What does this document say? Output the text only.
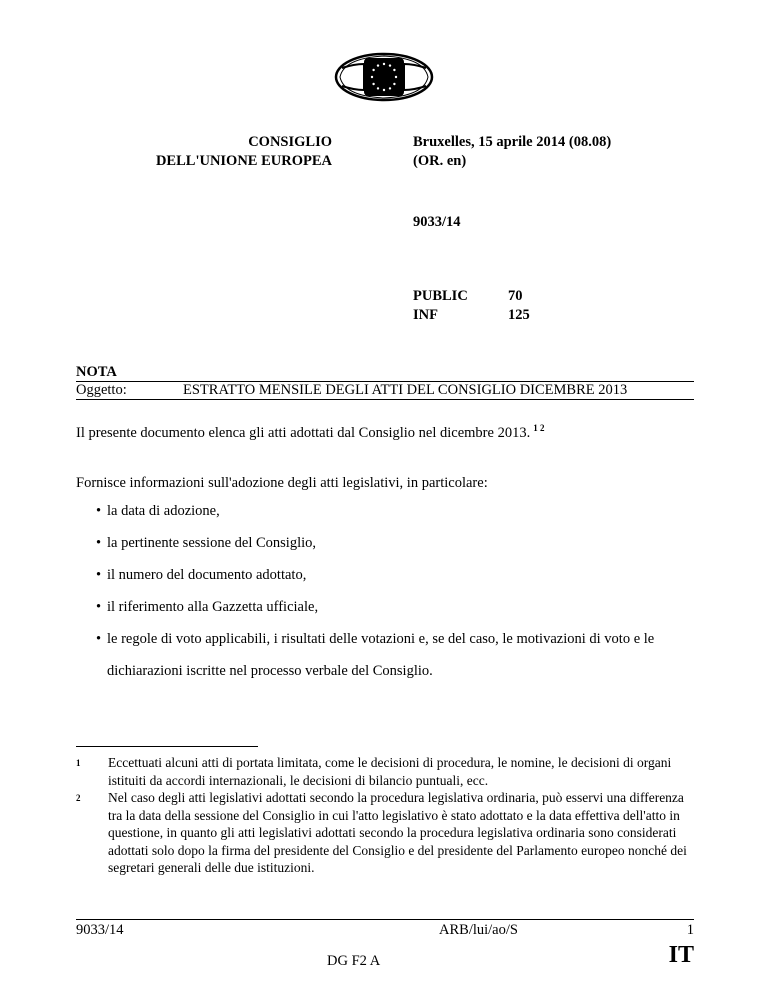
CONSIGLIO
DELL'UNIONE EUROPEA
Bruxelles, 15 aprile 2014 (08.08)
(OR. en)
9033/14
PUBLIC	70
INF	125
NOTA
Oggetto:	ESTRATTO MENSILE DEGLI ATTI DEL CONSIGLIO DICEMBRE 2013
Il presente documento elenca gli atti adottati dal Consiglio nel dicembre 2013. $^{1 2}$
Fornisce informazioni sull'adozione degli atti legislativi, in particolare:
• la data di adozione,
• la pertinente sessione del Consiglio,
• il numero del documento adottato,
• il riferimento alla Gazzetta ufficiale,
• le regole di voto applicabili, i risultati delle votazioni e, se del caso, le motivazioni di voto e le dichiarazioni iscritte nel processo verbale del Consiglio.
1 Eccettuati alcuni atti di portata limitata, come le decisioni di procedura, le nomine, le decisioni di organi istituiti da accordi internazionali, le decisioni di bilancio puntuali, ecc.
2 Nel caso degli atti legislativi adottati secondo la procedura legislativa ordinaria, può esservi una differenza tra la data della sessione del Consiglio in cui l'atto legislativo è stato adottato e la data effettiva dell'atto in questione, in quanto gli atti legislativi adottati secondo la procedura legislativa ordinaria sono considerati adottati solo dopo la firma del presidente del Consiglio e del presidente del Parlamento europeo nonché dei segretari generali delle due istituzioni.
9033/14	ARB/lui/ao/S	1
DG F2 A	IT
